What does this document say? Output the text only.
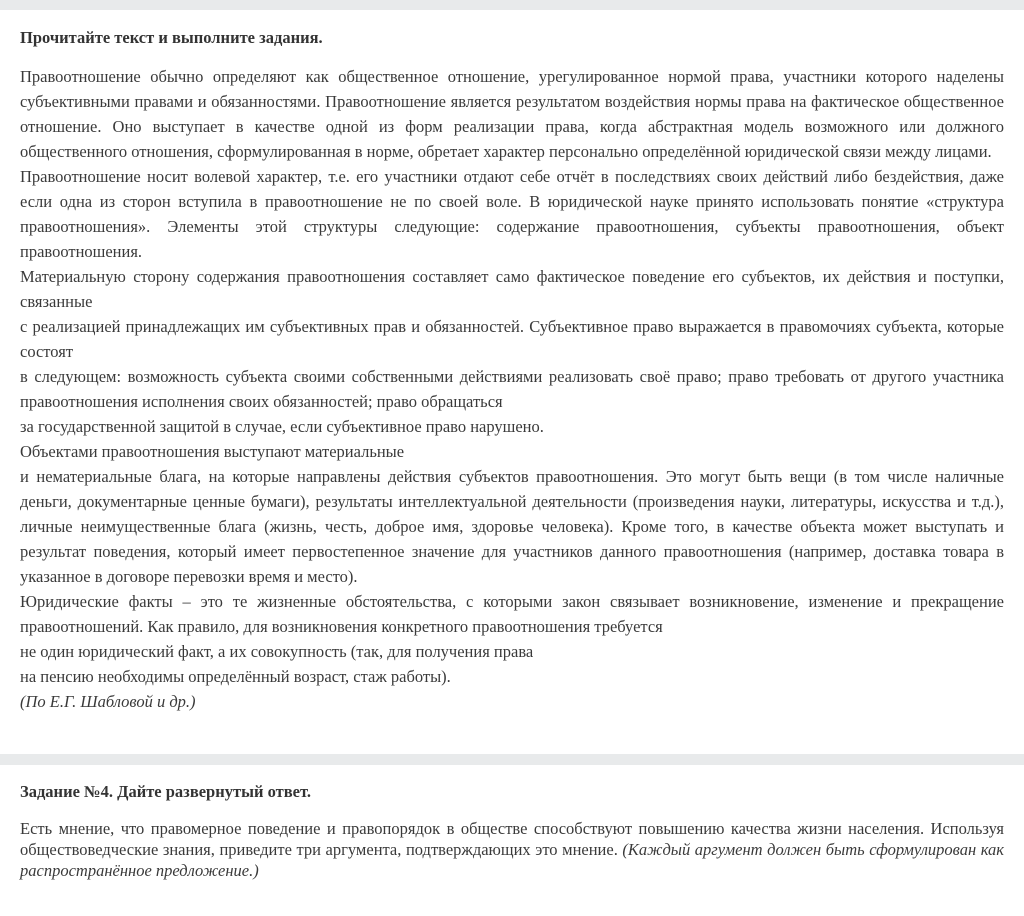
Прочитайте текст и выполните задания.

Правоотношение обычно определяют как общественное отношение, урегулированное нормой права, участники которого наделены субъективными правами и обязанностями. Правоотношение является результатом воздействия нормы права на фактическое общественное отношение. Оно выступает в качестве одной из форм реализации права, когда абстрактная модель возможного или должного общественного отношения, сформулированная в норме, обретает характер персонально определённой юридической связи между лицами.

Правоотношение носит волевой характер, т.е. его участники отдают себе отчёт в последствиях своих действий либо бездействия, даже если одна из сторон вступила в правоотношение не по своей воле. В юридической науке принято использовать понятие «структура правоотношения». Элементы этой структуры следующие: содержание правоотношения, субъекты правоотношения, объект правоотношения.

Материальную сторону содержания правоотношения составляет само фактическое поведение его субъектов, их действия и поступки, связанные

с реализацией принадлежащих им субъективных прав и обязанностей. Субъективное право выражается в правомочиях субъекта, которые состоят

в следующем: возможность субъекта своими собственными действиями реализовать своё право; право требовать от другого участника правоотношения исполнения своих обязанностей; право обращаться

за государственной защитой в случае, если субъективное право нарушено.

Объектами правоотношения выступают материальные

и нематериальные блага, на которые направлены действия субъектов правоотношения. Это могут быть вещи (в том числе наличные деньги, документарные ценные бумаги), результаты интеллектуальной деятельности (произведения науки, литературы, искусства и т.д.), личные неимущественные блага (жизнь, честь, доброе имя, здоровье человека). Кроме того, в качестве объекта может выступать и результат поведения, который имеет первостепенное значение для участников данного правоотношения (например, доставка товара в указанное в договоре перевозки время и место).

Юридические факты – это те жизненные обстоятельства, с которыми закон связывает возникновение, изменение и прекращение правоотношений. Как правило, для возникновения конкретного правоотношения требуется

не один юридический факт, а их совокупность (так, для получения права

на пенсию необходимы определённый возраст, стаж работы).

(По Е.Г. Шабловой и др.)

Задание №4. Дайте развернутый ответ.

Есть мнение, что правомерное поведение и правопорядок в обществе способствуют повышению качества жизни населения. Используя обществоведческие знания, приведите три аргумента, подтверждающих это мнение. (Каждый аргумент должен быть сформулирован как распространённое предложение.)
